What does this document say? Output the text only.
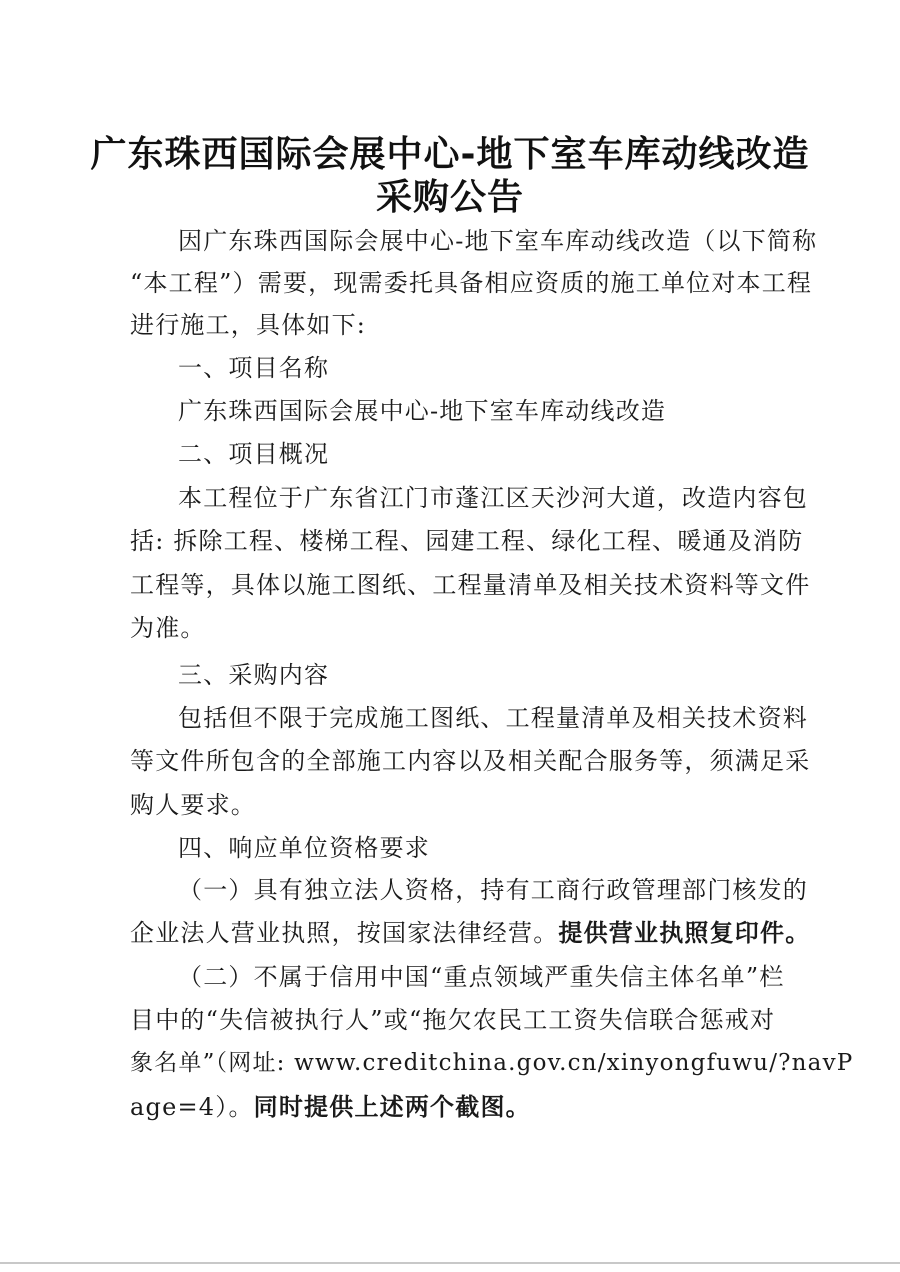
广东珠西国际会展中心-地下室车库动线改造
采购公告
因广东珠西国际会展中心-地下室车库动线改造（以下简称
“本工程”）需要，现需委托具备相应资质的施工单位对本工程
进行施工，具体如下:
一、项目名称
广东珠西国际会展中心-地下室车库动线改造
二、项目概况
本工程位于广东省江门市蓬江区天沙河大道，改造内容包
括: 拆除工程、楼梯工程、园建工程、绿化工程、暖通及消防
工程等，具体以施工图纸、工程量清单及相关技术资料等文件
为准。
三、采购内容
包括但不限于完成施工图纸、工程量清单及相关技术资料
等文件所包含的全部施工内容以及相关配合服务等，须满足采
购人要求。
四、响应单位资格要求
（一）具有独立法人资格，持有工商行政管理部门核发的
企业法人营业执照，按国家法律经营。提供营业执照复印件。
（二）不属于信用中国“重点领域严重失信主体名单”栏
目中的“失信被执行人”或“拖欠农民工工资失信联合惩戒对
象名单”（网址: www.creditchina.gov.cn/xinyongfuwu/?navP
age=4）。同时提供上述两个截图。
